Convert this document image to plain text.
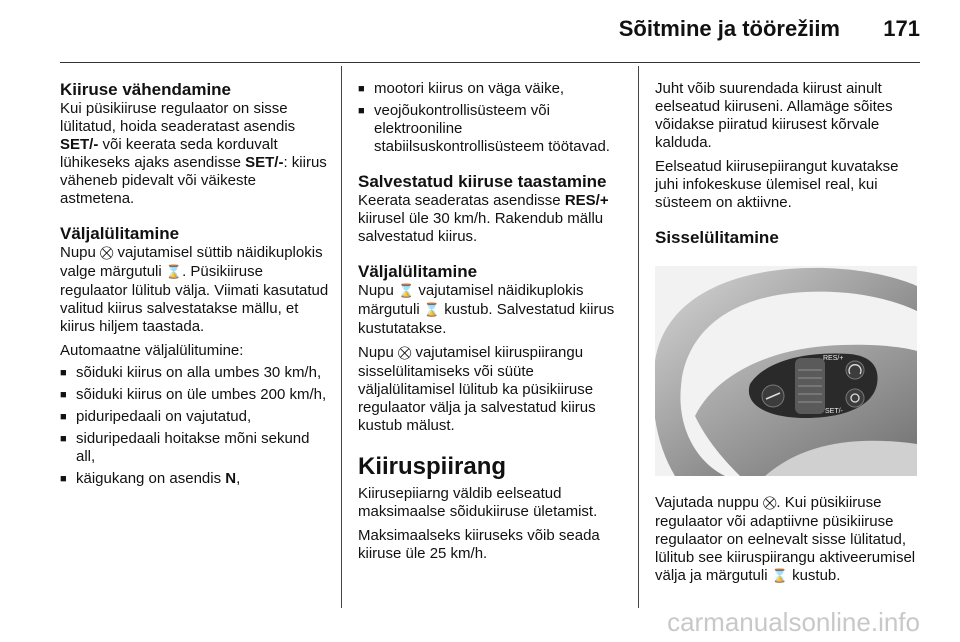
Sõitmine ja töörežiim 171
Kiiruse vähendamine

Kui püsikiiruse regulaator on sisse lülitatud, hoida seaderatast asendis SET/- või keerata seda korduvalt lühikeseks ajaks asendisse SET/-: kiirus väheneb pidevalt või väikeste astmetena.

Väljalülitamine

Nupu ⛒ vajutamisel süttib näidikuplokis valge märgutuli ⌛. Püsikiiruse regulaator lülitub välja. Viimati kasutatud valitud kiirus salvestatakse mällu, et kiirus hiljem taastada.

Automaatne väljalülitumine:

■ sõiduki kiirus on alla umbes 30 km/h,
■ sõiduki kiirus on üle umbes 200 km/h,
■ piduripedaali on vajutatud,
■ siduripedaali hoitakse mõni sekund all,
■ käigukang on asendis N,
■ mootori kiirus on väga väike,
■ veojõukontrollisüsteem või elektrooniline stabiilsuskontrollisüsteem töötavad.
Salvestatud kiiruse taastamine

Keerata seaderatas asendisse RES/+ kiirusel üle 30 km/h. Rakendub mällu salvestatud kiirus.

Väljalülitamine

Nupu ⌛ vajutamisel näidikuplokis märgutuli ⌛ kustub. Salvestatud kiirus kustutatakse.

Nupu ⛒ vajutamisel kiiruspiirangu sisselülitamiseks või süüte väljalülitamisel lülitub ka püsikiiruse regulaator välja ja salvestatud kiirus kustub mälust.

Kiiruspiirang

Kiirusepiiarng väldib eelseatud maksimaalse sõidukiiruse ületamist.

Maksimaalseks kiiruseks võib seada kiiruse üle 25 km/h.

Juht võib suurendada kiirust ainult eelseatud kiiruseni. Allamäge sõites võidakse piiratud kiirusest kõrvale kalduda.

Eelseatud kiirusepiirangut kuvatakse juhi infokeskuse ülemisel real, kui süsteem on aktiivne.

Sisselülitamine
RES/+
SET/-

Vajutada nuppu ⛒. Kui püsikiiruse regulaator või adaptiivne püsikiiruse regulaator on eelnevalt sisse lülitatud, lülitub see kiiruspiirangu aktiveerumisel välja ja märgutuli ⌛ kustub.

carmanualsonline.info
